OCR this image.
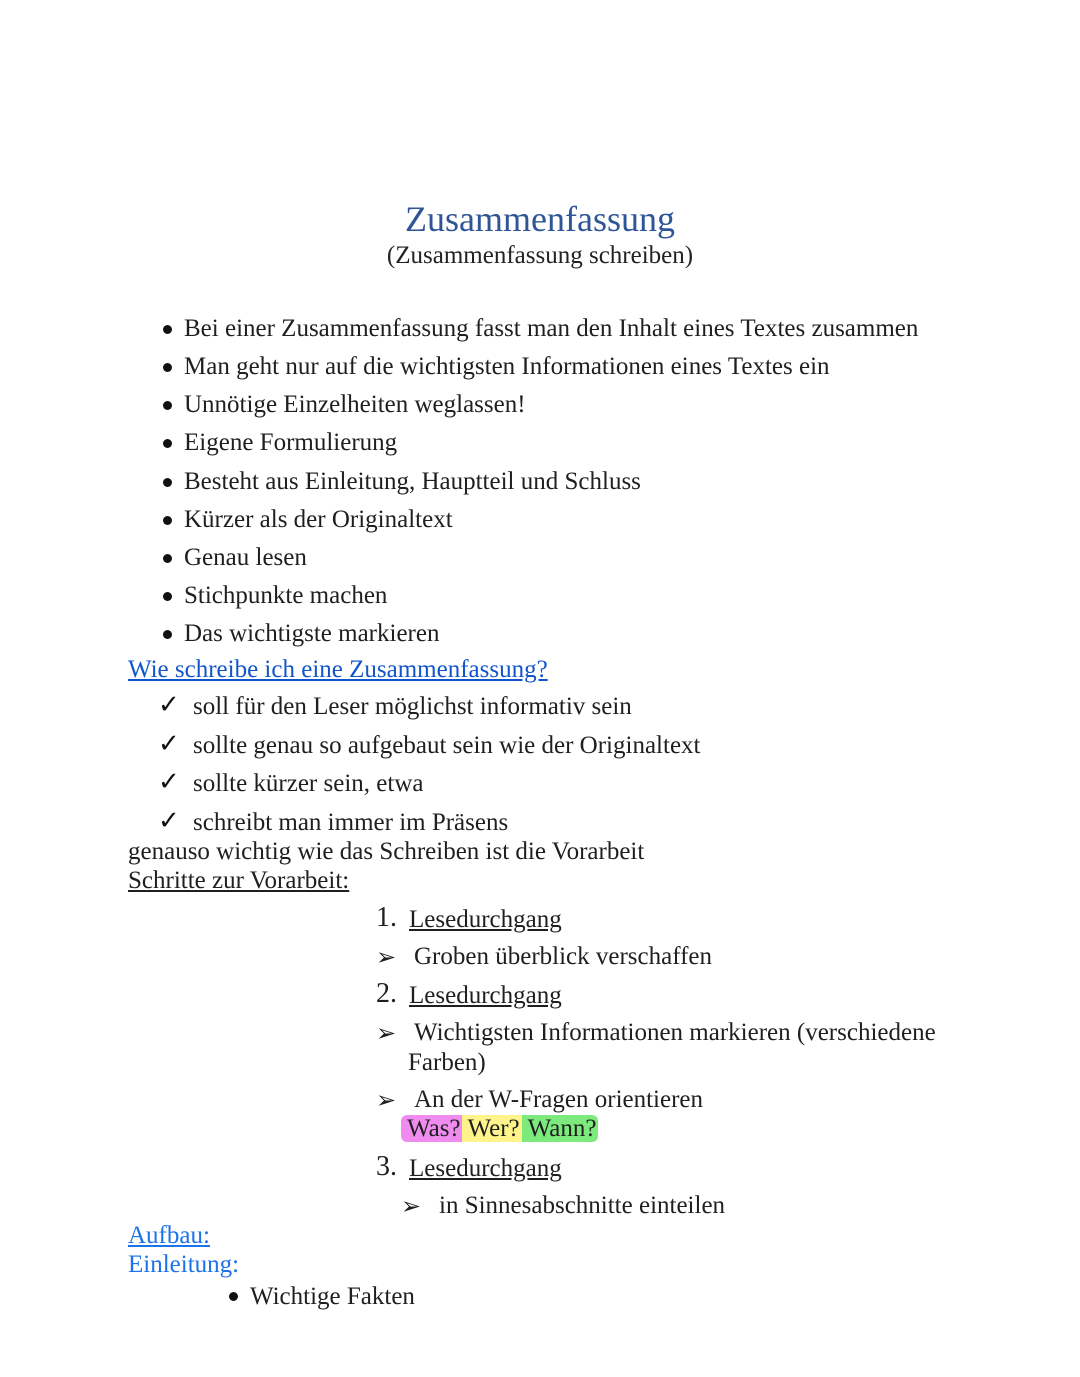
Zusammenfassung
(Zusammenfassung schreiben)
Bei einer Zusammenfassung fasst man den Inhalt eines Textes zusammen
Man geht nur auf die wichtigsten Informationen eines Textes ein
Unnötige Einzelheiten weglassen!
Eigene Formulierung
Besteht aus Einleitung, Hauptteil und Schluss
Kürzer als der Originaltext
Genau lesen
Stichpunkte machen
Das wichtigste markieren
Wie schreibe ich eine Zusammenfassung?
✓ soll für den Leser möglichst informativ sein
✓ sollte genau so aufgebaut sein wie der Originaltext
✓ sollte kürzer sein, etwa
✓ schreibt man immer im Präsens
genauso wichtig wie das Schreiben ist die Vorarbeit
Schritte zur Vorarbeit:
1. Lesedurchgang
➢ Groben überblick verschaffen
2. Lesedurchgang
➢ Wichtigsten Informationen markieren (verschiedene
Farben)
➢ An der W-Fragen orientieren
Was? Wer? Wann?
3. Lesedurchgang
➢ in Sinnesabschnitte einteilen
Aufbau:
Einleitung:
Wichtige Fakten
